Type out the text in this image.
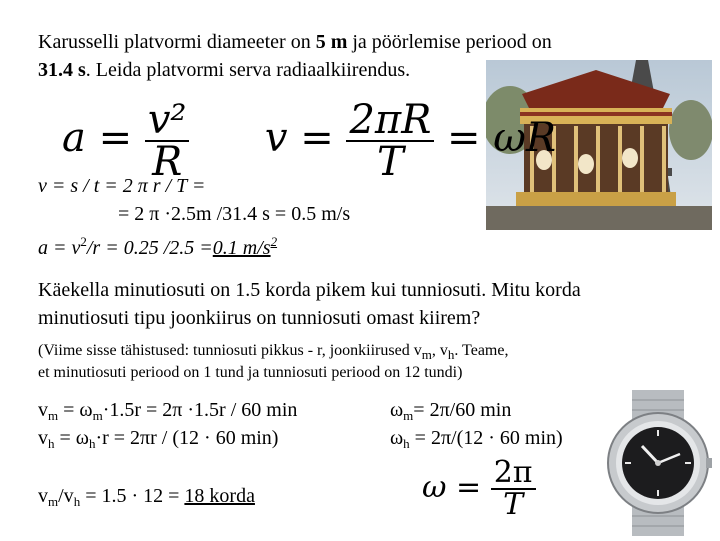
Karusselli platvormi diameeter on 5 m ja pöörlemise periood on
31.4 s. Leida platvormi serva radiaalkiirendus.
$a = \frac{\text{v²}}{R}$ $v = \frac{2\pi R}{T} = \omega R$
v = s / t = 2 π r / T =
= 2 π ·2.5m /31.4 s = 0.5 m/s
$a = v^2/r = 0.25$ /2.5 =0.1 $m/s^2$
Käekella minutiosuti on 1.5 korda pikem kui tunniosuti. Mitu korda
minutiosuti tipu joonkiirus on tunniosuti omast kiirem?
(Viime sisse tähistused: tunniosuti pikkus - r, joonkiirused $v_m$, $v_h$. Teame,
et minutiosuti periood on 1 tund ja tunniosuti periood on 12 tundi)
$v_m = \omega_m\cdot 1.5r = 2\pi \cdot 1.5r / 60$ min
$v_h = \omega_h\cdot r = 2\pi r / (12 \cdot 60$ min)
$\omega_m= 2\pi/60$ min
$\omega_h = 2\pi/(12 \cdot 60$ min)
$v_m/v_h = 1.5 \cdot 12 = 18$ korda	$\omega = \frac{2\pi}{T}$
